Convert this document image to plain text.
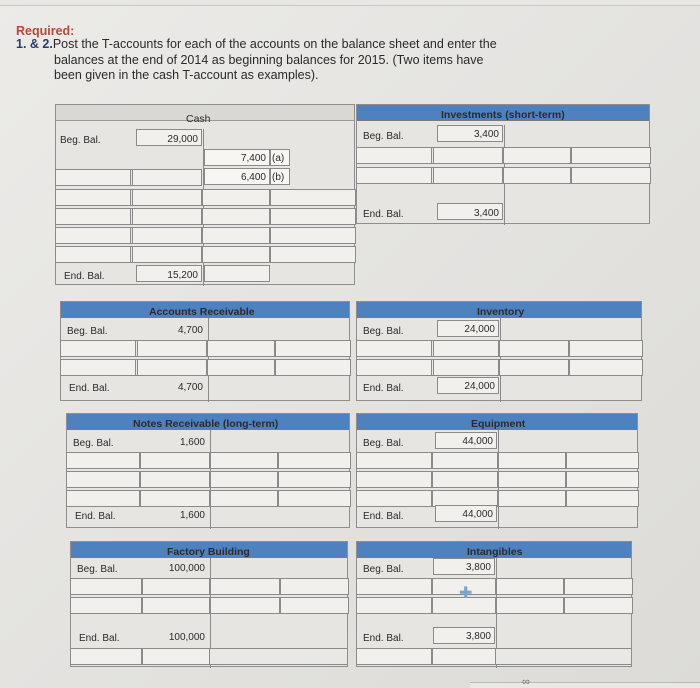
Required:
1. & 2.Post the T-accounts for each of the accounts on the balance sheet and enter the
balances at the end of 2014 as beginning balances for 2015. (Two items have
been given in the cash T-account as examples).
Cash
Beg. Bal.	29,000
7,400 (a)
6,400 (b)
End. Bal.	15,200
Investments (short-term)
Beg. Bal.	3,400
End. Bal.	3,400
Accounts Receivable
Beg. Bal.	4,700
End. Bal.	4,700
Inventory
Beg. Bal.	24,000
End. Bal.	24,000
Notes Receivable (long-term)
Beg. Bal.	1,600
End. Bal.	1,600
Equipment
Beg. Bal.	44,000
End. Bal.	44,000
Factory Building
Beg. Bal.	100,000
End. Bal.	100,000
Intangibles
Beg. Bal.	3,800
End. Bal.	3,800
✚
∞
